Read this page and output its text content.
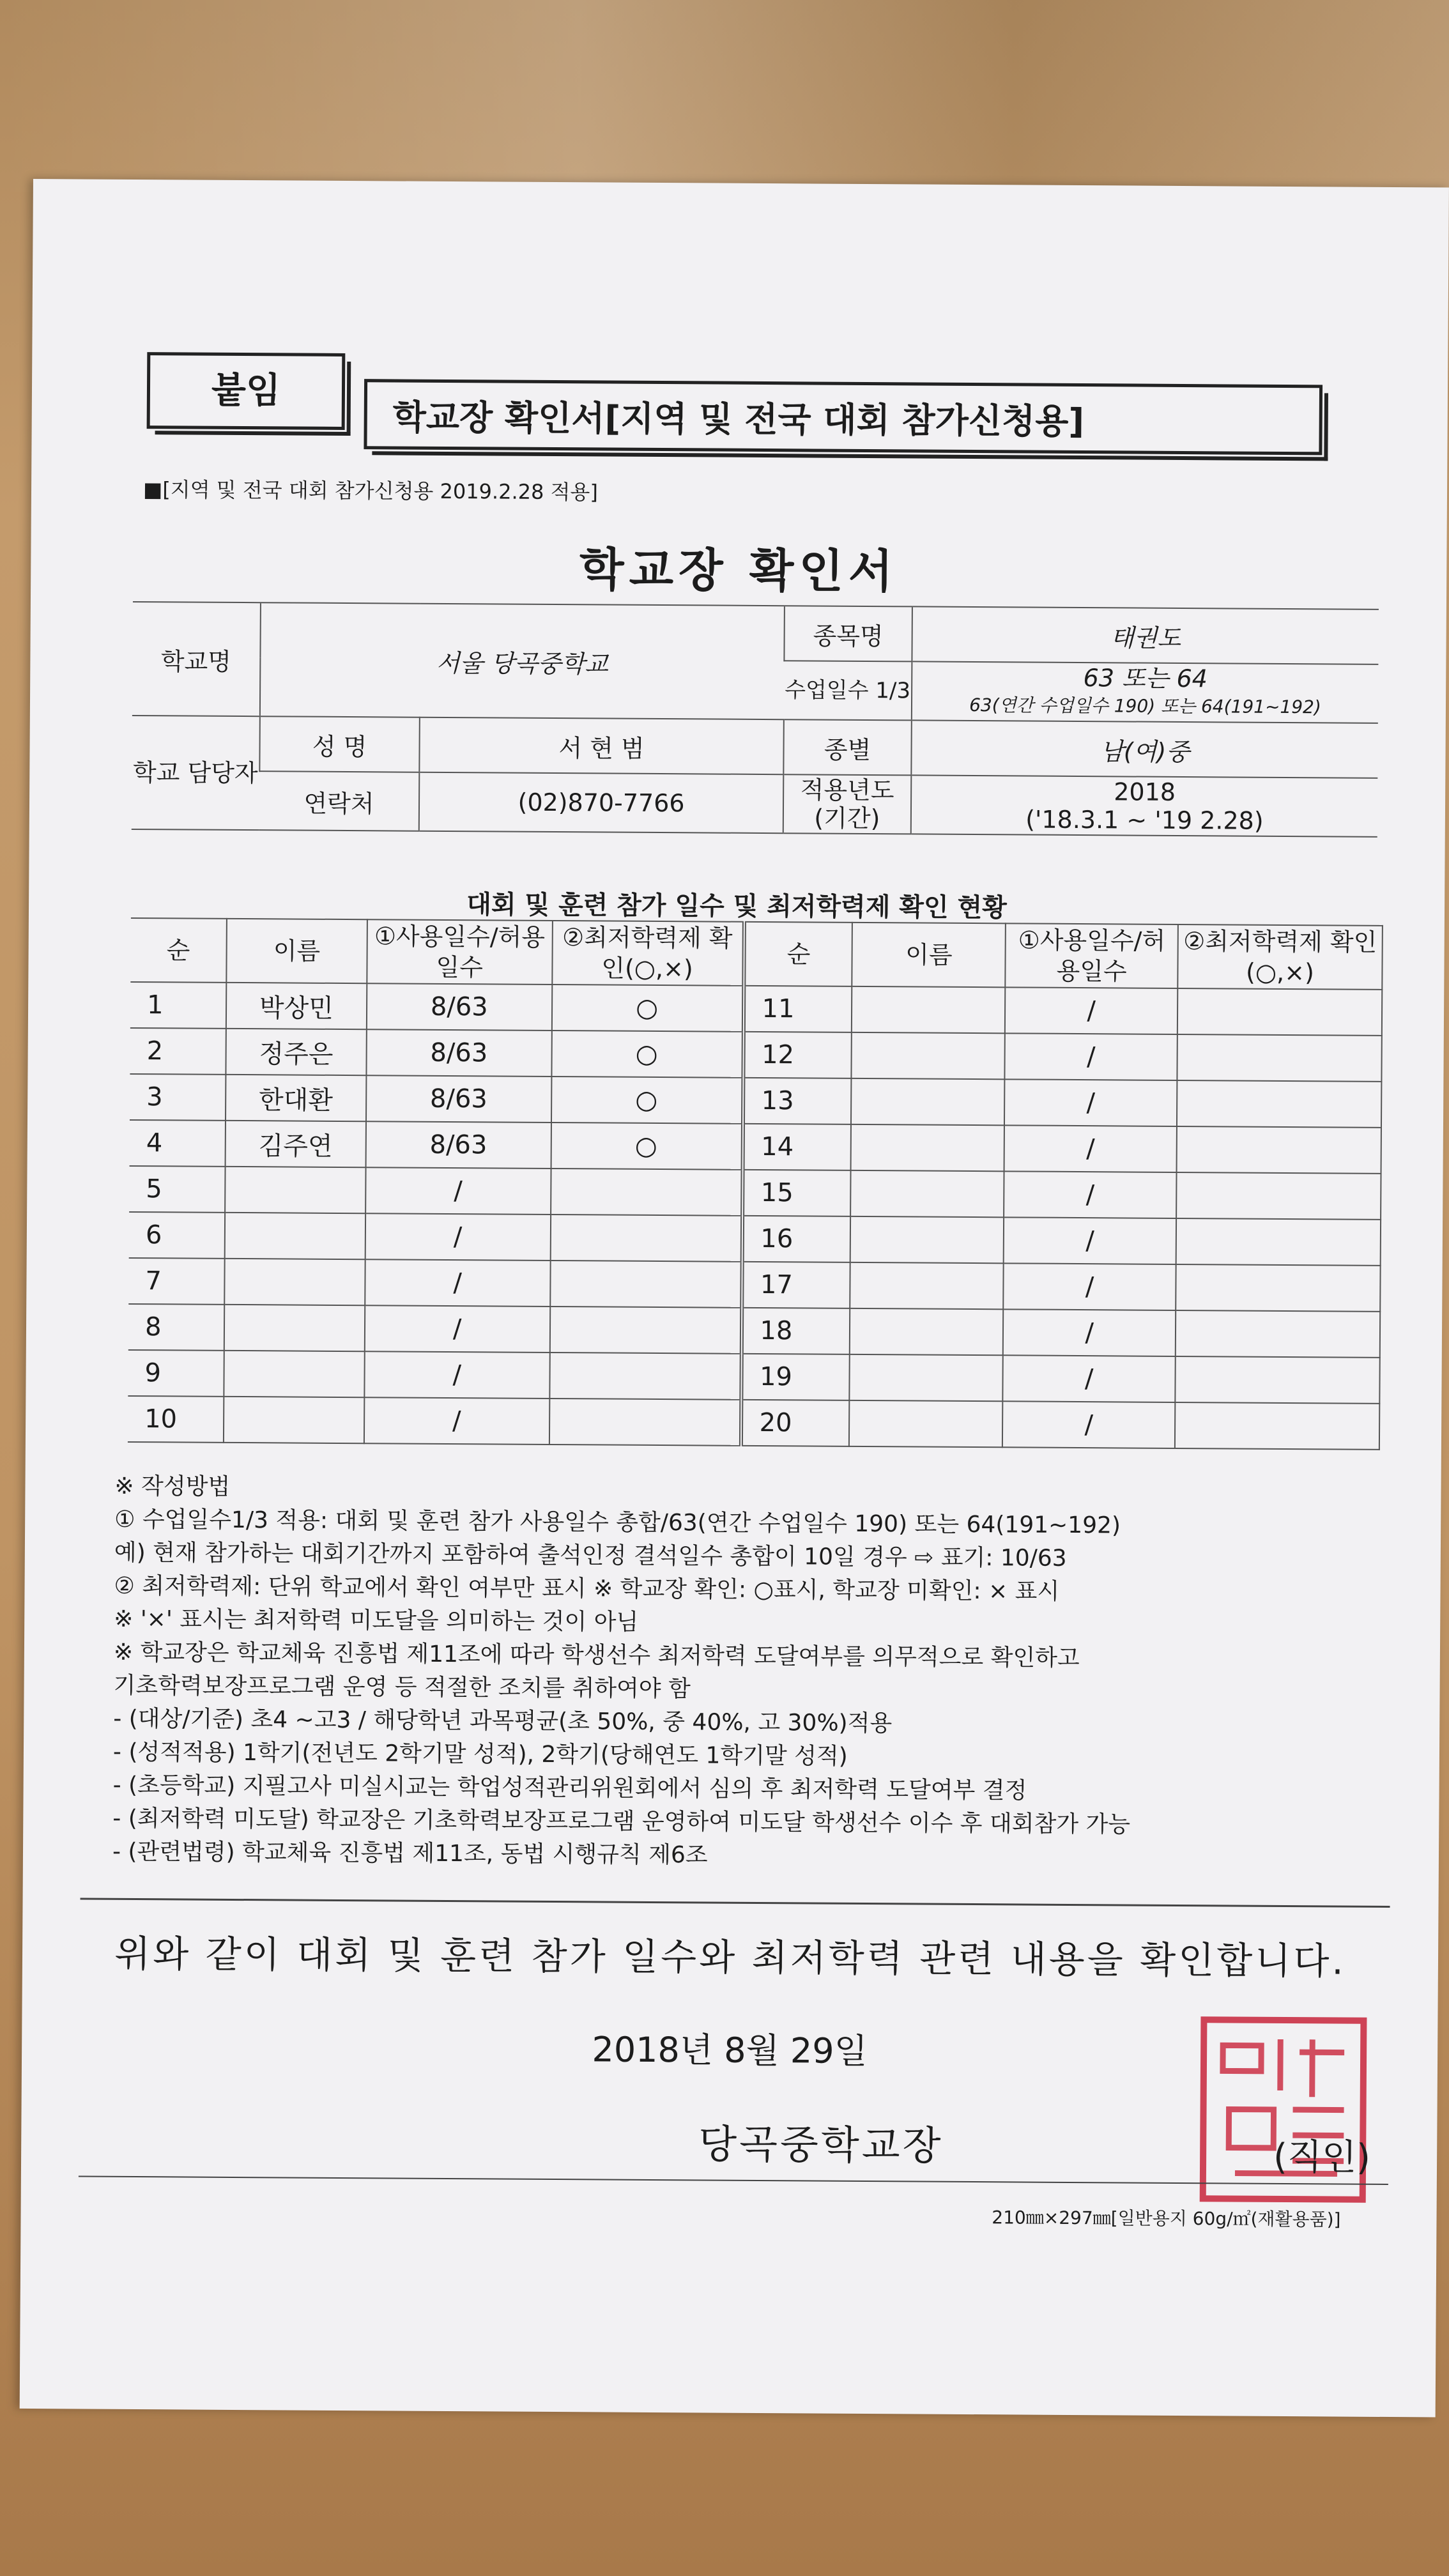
붙임
학교장 확인서[지역 및 전국 대회 참가신청용]
■[지역 및 전국 대회 참가신청용 2019.2.28 적용]
학교장 확인서
학교명	서울 당곡중학교		종목명	태권도
			수업일수 1/3	63 또는 64
63(연간 수업일수 190) 또는 64(191~192)

학교 담당자	성 명	서 현 범	종별	남(여)중
	연락처	(02)870-7766	적용년도 (기간)	2018
('18.3.1 ~ '19 2.28)
대회 및 훈련 참가 일수 및 최저학력제 확인 현황
순	이름	①사용일수/허용일수	②최저학력제 확인(○,×)	순	이름	①사용일수/허용일수	②최저학력제 확인(○,×)
1	박상민	8/63	○	11		/	
2	정주은	8/63	○	12		/	
3	한대환	8/63	○	13		/	
4	김주연	8/63	○	14		/	
5		/		15		/	
6		/		16		/	
7		/		17		/	
8		/		18		/	
9		/		19		/	
10		/		20		/	
※ 작성방법
① 수업일수1/3 적용: 대회 및 훈련 참가 사용일수 총합/63(연간 수업일수 190) 또는 64(191~192)
예) 현재 참가하는 대회기간까지 포함하여 출석인정 결석일수 총합이 10일 경우 ⇨ 표기: 10/63
② 최저학력제: 단위 학교에서 확인 여부만 표시 ※ 학교장 확인: ○표시, 학교장 미확인: × 표시
※ '×' 표시는 최저학력 미도달을 의미하는 것이 아님
※ 학교장은 학교체육 진흥법 제11조에 따라 학생선수 최저학력 도달여부를 의무적으로 확인하고
기초학력보장프로그램 운영 등 적절한 조치를 취하여야 함
- (대상/기준) 초4 ~고3 / 해당학년 과목평균(초 50%, 중 40%, 고 30%)적용
- (성적적용) 1학기(전년도 2학기말 성적), 2학기(당해연도 1학기말 성적)
- (초등학교) 지필고사 미실시교는 학업성적관리위원회에서 심의 후 최저학력 도달여부 결정
- (최저학력 미도달) 학교장은 기초학력보장프로그램 운영하여 미도달 학생선수 이수 후 대회참가 가능
- (관련법령) 학교체육 진흥법 제11조, 동법 시행규칙 제6조
위와 같이 대회 및 훈련 참가 일수와 최저학력 관련 내용을 확인합니다.
2018년 8월 29일
당곡중학교장	(직인)
210㎜×297㎜[일반용지 60g/㎡(재활용품)]
